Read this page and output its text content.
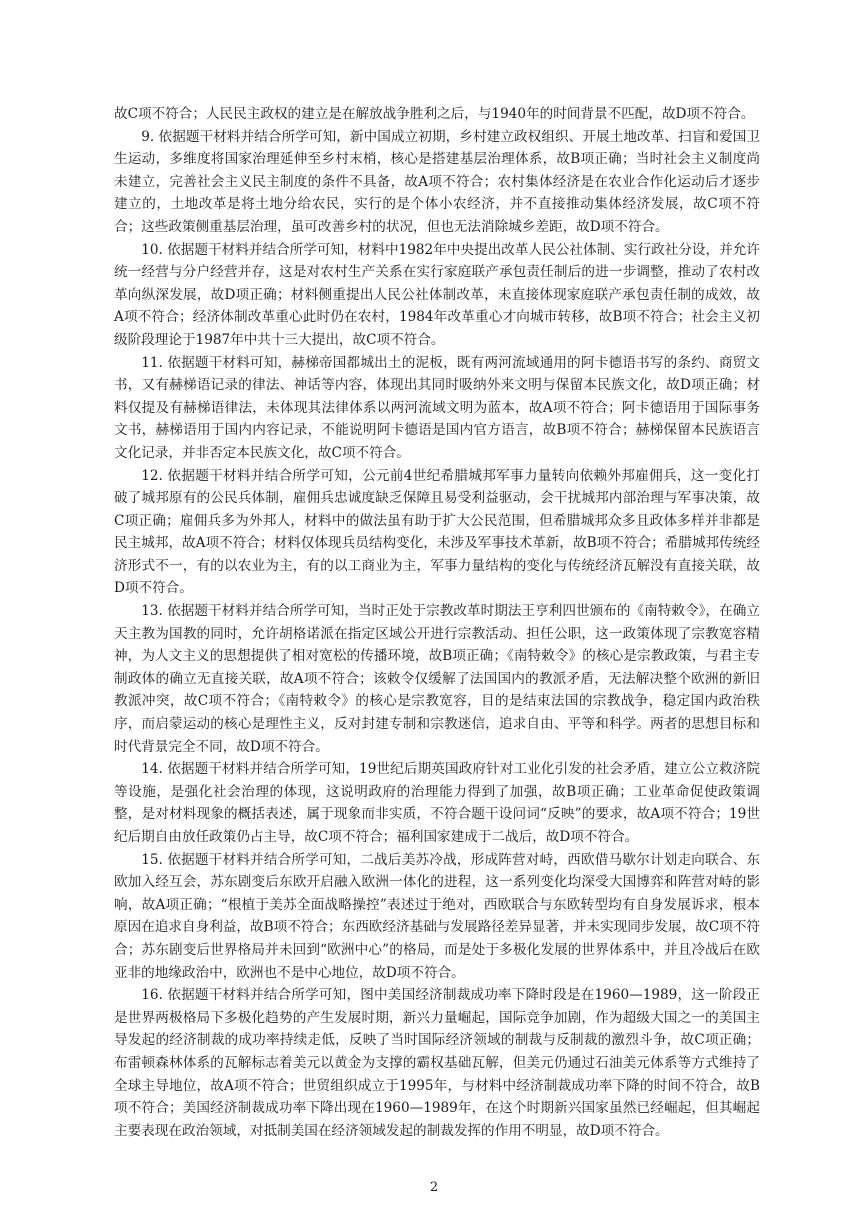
故C项不符合；人民民主政权的建立是在解放战争胜利之后，与1940年的时间背景不匹配，故D项不符合。

9. 依据题干材料并结合所学可知，新中国成立初期，乡村建立政权组织、开展土地改革、扫盲和爱国卫生运动，多维度将国家治理延伸至乡村末梢，核心是搭建基层治理体系，故B项正确；当时社会主义制度尚未建立，完善社会主义民主制度的条件不具备，故A项不符合；农村集体经济是在农业合作化运动后才逐步建立的，土地改革是将土地分给农民，实行的是个体小农经济，并不直接推动集体经济发展，故C项不符合；这些政策侧重基层治理，虽可改善乡村的状况，但也无法消除城乡差距，故D项不符合。

10. 依据题干材料并结合所学可知，材料中1982年中央提出改革人民公社体制、实行政社分设，并允许统一经营与分户经营并存，这是对农村生产关系在实行家庭联产承包责任制后的进一步调整，推动了农村改革向纵深发展，故D项正确；材料侧重提出人民公社体制改革，未直接体现家庭联产承包责任制的成效，故A项不符合；经济体制改革重心此时仍在农村，1984年改革重心才向城市转移，故B项不符合；社会主义初级阶段理论于1987年中共十三大提出，故C项不符合。

11. 依据题干材料可知，赫梯帝国都城出土的泥板，既有两河流域通用的阿卡德语书写的条约、商贸文书，又有赫梯语记录的律法、神话等内容，体现出其同时吸纳外来文明与保留本民族文化，故D项正确；材料仅提及有赫梯语律法，未体现其法律体系以两河流域文明为蓝本，故A项不符合；阿卡德语用于国际事务文书，赫梯语用于国内内容记录，不能说明阿卡德语是国内官方语言，故B项不符合；赫梯保留本民族语言文化记录，并非否定本民族文化，故C项不符合。

12. 依据题干材料并结合所学可知，公元前4世纪希腊城邦军事力量转向依赖外邦雇佣兵，这一变化打破了城邦原有的公民兵体制，雇佣兵忠诚度缺乏保障且易受利益驱动，会干扰城邦内部治理与军事决策，故C项正确；雇佣兵多为外邦人，材料中的做法虽有助于扩大公民范围，但希腊城邦众多且政体多样并非都是民主城邦，故A项不符合；材料仅体现兵员结构变化，未涉及军事技术革新，故B项不符合；希腊城邦传统经济形式不一，有的以农业为主，有的以工商业为主，军事力量结构的变化与传统经济瓦解没有直接关联，故D项不符合。

13. 依据题干材料并结合所学可知，当时正处于宗教改革时期法王亨利四世颁布的《南特敕令》，在确立天主教为国教的同时，允许胡格诺派在指定区域公开进行宗教活动、担任公职，这一政策体现了宗教宽容精神，为人文主义的思想提供了相对宽松的传播环境，故B项正确；《南特敕令》的核心是宗教政策，与君主专制政体的确立无直接关联，故A项不符合；该敕令仅缓解了法国国内的教派矛盾，无法解决整个欧洲的新旧教派冲突，故C项不符合；《南特敕令》的核心是宗教宽容，目的是结束法国的宗教战争，稳定国内政治秩序，而启蒙运动的核心是理性主义，反对封建专制和宗教迷信，追求自由、平等和科学。两者的思想目标和时代背景完全不同，故D项不符合。

14. 依据题干材料并结合所学可知，19世纪后期英国政府针对工业化引发的社会矛盾，建立公立救济院等设施，是强化社会治理的体现，这说明政府的治理能力得到了加强，故B项正确；工业革命促使政策调整，是对材料现象的概括表述，属于现象而非实质，不符合题干设问词“反映”的要求，故A项不符合；19世纪后期自由放任政策仍占主导，故C项不符合；福利国家建成于二战后，故D项不符合。

15. 依据题干材料并结合所学可知，二战后美苏冷战，形成阵营对峙，西欧借马歇尔计划走向联合、东欧加入经互会，苏东剧变后东欧开启融入欧洲一体化的进程，这一系列变化均深受大国博弈和阵营对峙的影响，故A项正确；“根植于美苏全面战略操控”表述过于绝对，西欧联合与东欧转型均有自身发展诉求，根本原因在追求自身利益，故B项不符合；东西欧经济基础与发展路径差异显著，并未实现同步发展，故C项不符合；苏东剧变后世界格局并未回到“欧洲中心”的格局，而是处于多极化发展的世界体系中，并且冷战后在欧亚非的地缘政治中，欧洲也不是中心地位，故D项不符合。

16. 依据题干材料并结合所学可知，图中美国经济制裁成功率下降时段是在1960—1989，这一阶段正是世界两极格局下多极化趋势的产生发展时期，新兴力量崛起，国际竞争加剧，作为超级大国之一的美国主导发起的经济制裁的成功率持续走低，反映了当时国际经济领域的制裁与反制裁的激烈斗争，故C项正确；布雷顿森林体系的瓦解标志着美元以黄金为支撑的霸权基础瓦解，但美元仍通过石油美元体系等方式维持了全球主导地位，故A项不符合；世贸组织成立于1995年，与材料中经济制裁成功率下降的时间不符合，故B项不符合；美国经济制裁成功率下降出现在1960—1989年，在这个时期新兴国家虽然已经崛起，但其崛起主要表现在政治领域，对抵制美国在经济领域发起的制裁发挥的作用不明显，故D项不符合。

2
